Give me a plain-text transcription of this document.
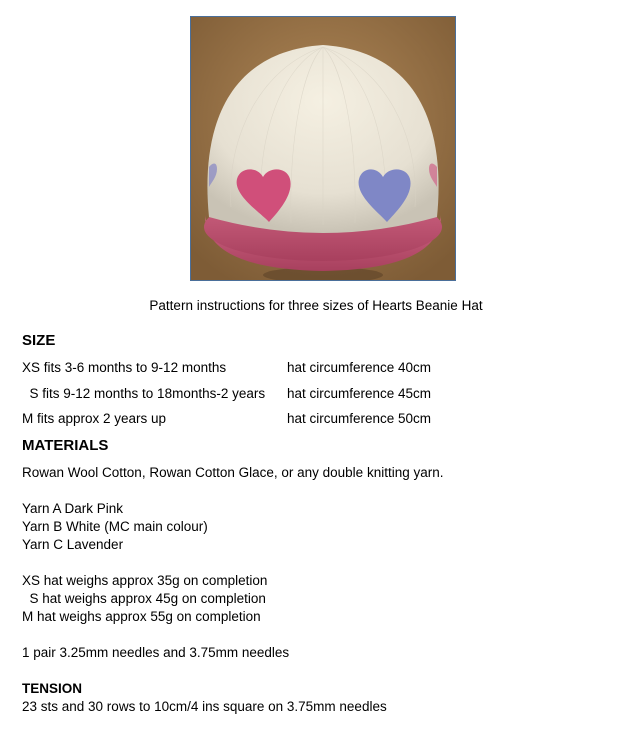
Pattern instructions for three sizes of Hearts Beanie Hat
SIZE
XS fits 3-6 months to 9-12 months	hat circumference 40cm
S fits 9-12 months to 18months-2 years hat circumference 45cm
M fits approx 2 years up	hat circumference 50cm
MATERIALS
Rowan Wool Cotton, Rowan Cotton Glace, or any double knitting yarn.
Yarn A Dark Pink
Yarn B White (MC main colour)
Yarn C Lavender
XS hat weighs approx 35g on completion
S hat weighs approx 45g on completion
M hat weighs approx 55g on completion
1 pair 3.25mm needles and 3.75mm needles
TENSION
23 sts and 30 rows to 10cm/4 ins square on 3.75mm needles
